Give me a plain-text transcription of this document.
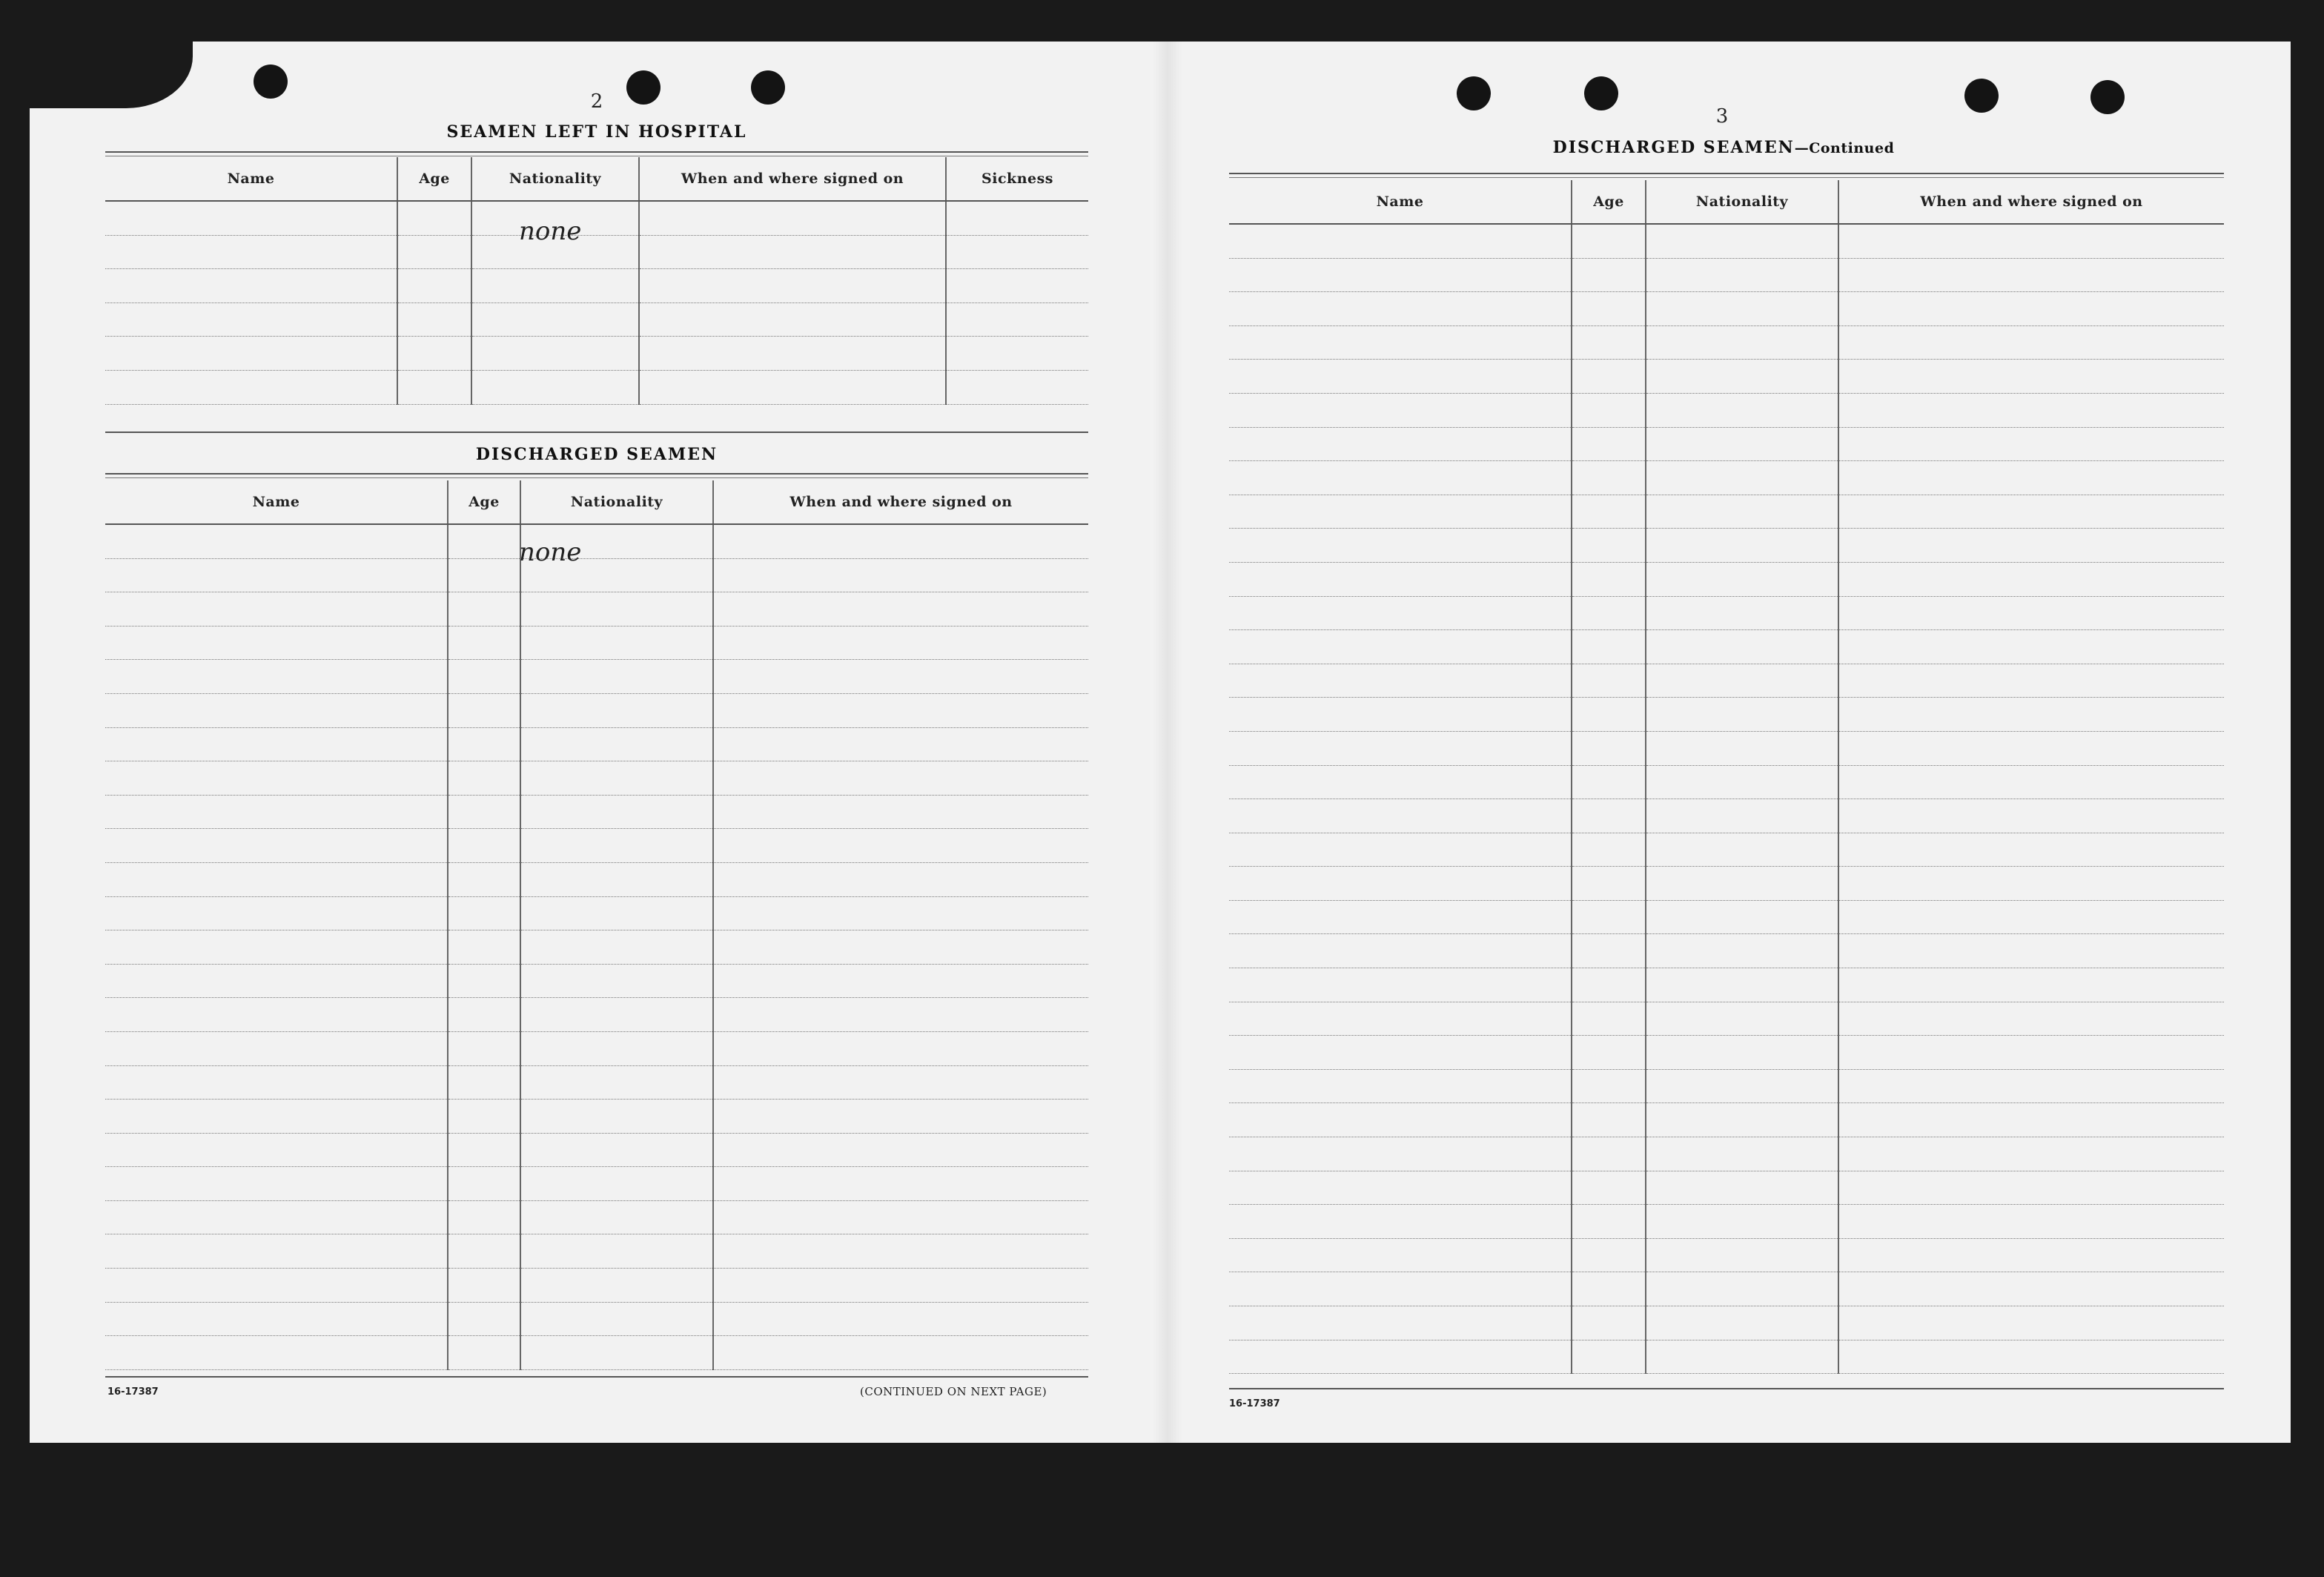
2
SEAMEN LEFT IN HOSPITAL
Name	Age	Nationality	When and where signed on	Sickness

none
DISCHARGED SEAMEN
Name	Age	Nationality	When and where signed on

none
16-17387	(CONTINUED ON NEXT PAGE)
3
DISCHARGED SEAMEN—Continued
Name	Age	Nationality	When and where signed on

16-17387
